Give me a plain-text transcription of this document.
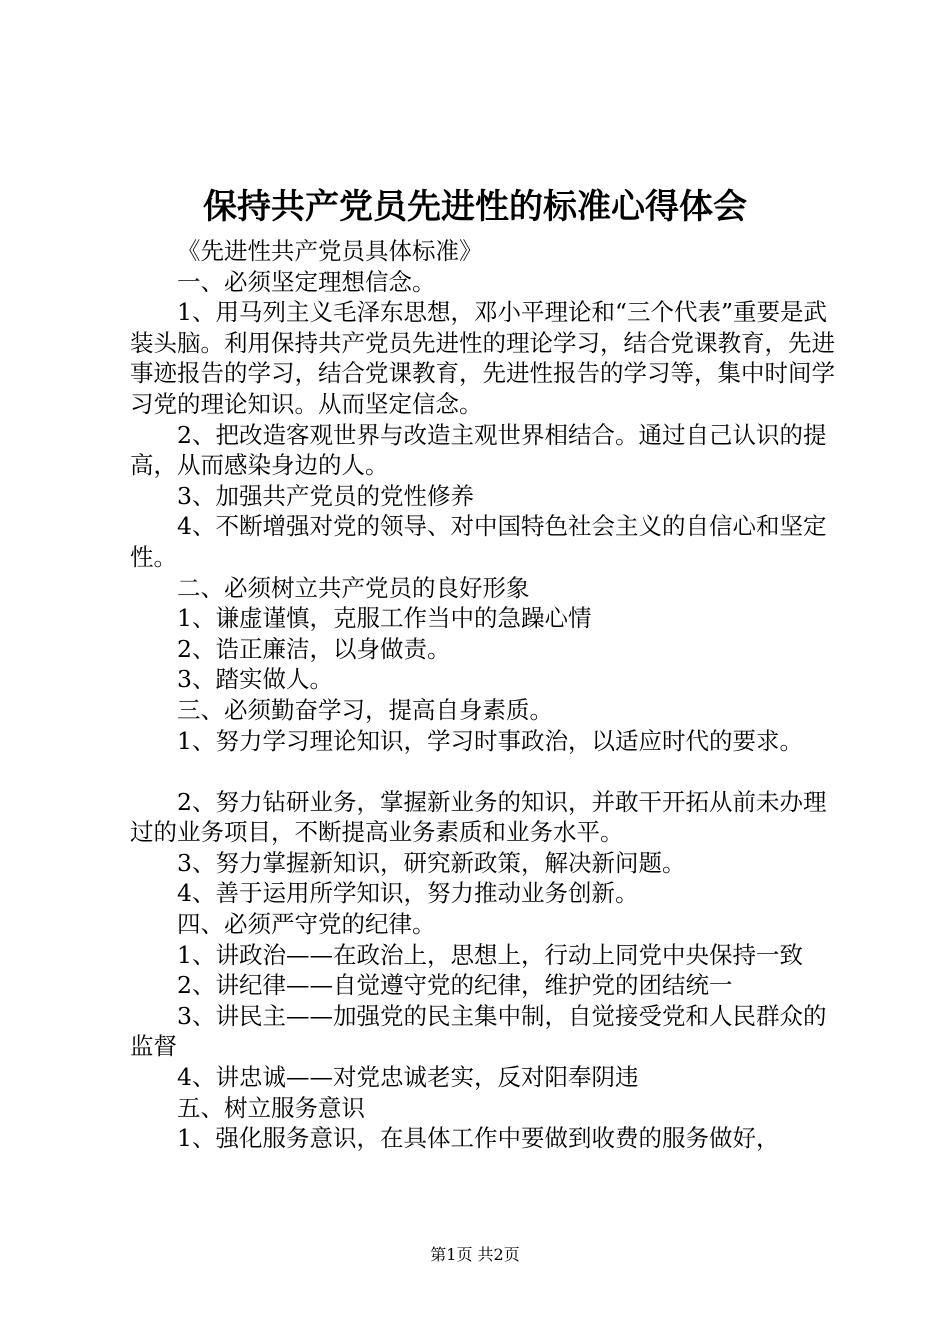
保持共产党员先进性的标准心得体会

《先进性共产党员具体标准》

一、必须坚定理想信念。

1、用马列主义毛泽东思想，邓小平理论和“三个代表”重要是武装头脑。利用保持共产党员先进性的理论学习，结合党课教育，先进事迹报告的学习，结合党课教育，先进性报告的学习等，集中时间学习党的理论知识。从而坚定信念。

2、把改造客观世界与改造主观世界相结合。通过自己认识的提高，从而感染身边的人。

3、加强共产党员的党性修养

4、不断增强对党的领导、对中国特色社会主义的自信心和坚定性。

二、必须树立共产党员的良好形象

1、谦虚谨慎，克服工作当中的急躁心情

2、诰正廉洁，以身做责。

3、踏实做人。

三、必须勤奋学习，提高自身素质。

1、努力学习理论知识，学习时事政治，以适应时代的要求。

2、努力钻研业务，掌握新业务的知识，并敢干开拓从前未办理过的业务项目，不断提高业务素质和业务水平。

3、努力掌握新知识，研究新政策，解决新问题。

4、善于运用所学知识，努力推动业务创新。

四、必须严守党的纪律。

1、讲政治——在政治上，思想上，行动上同党中央保持一致

2、讲纪律——自觉遵守党的纪律，维护党的团结统一

3、讲民主——加强党的民主集中制，自觉接受党和人民群众的监督

4、讲忠诚——对党忠诚老实，反对阳奉阴违

五、树立服务意识

1、强化服务意识，在具体工作中要做到收费的服务做好，

第1页 共2页
